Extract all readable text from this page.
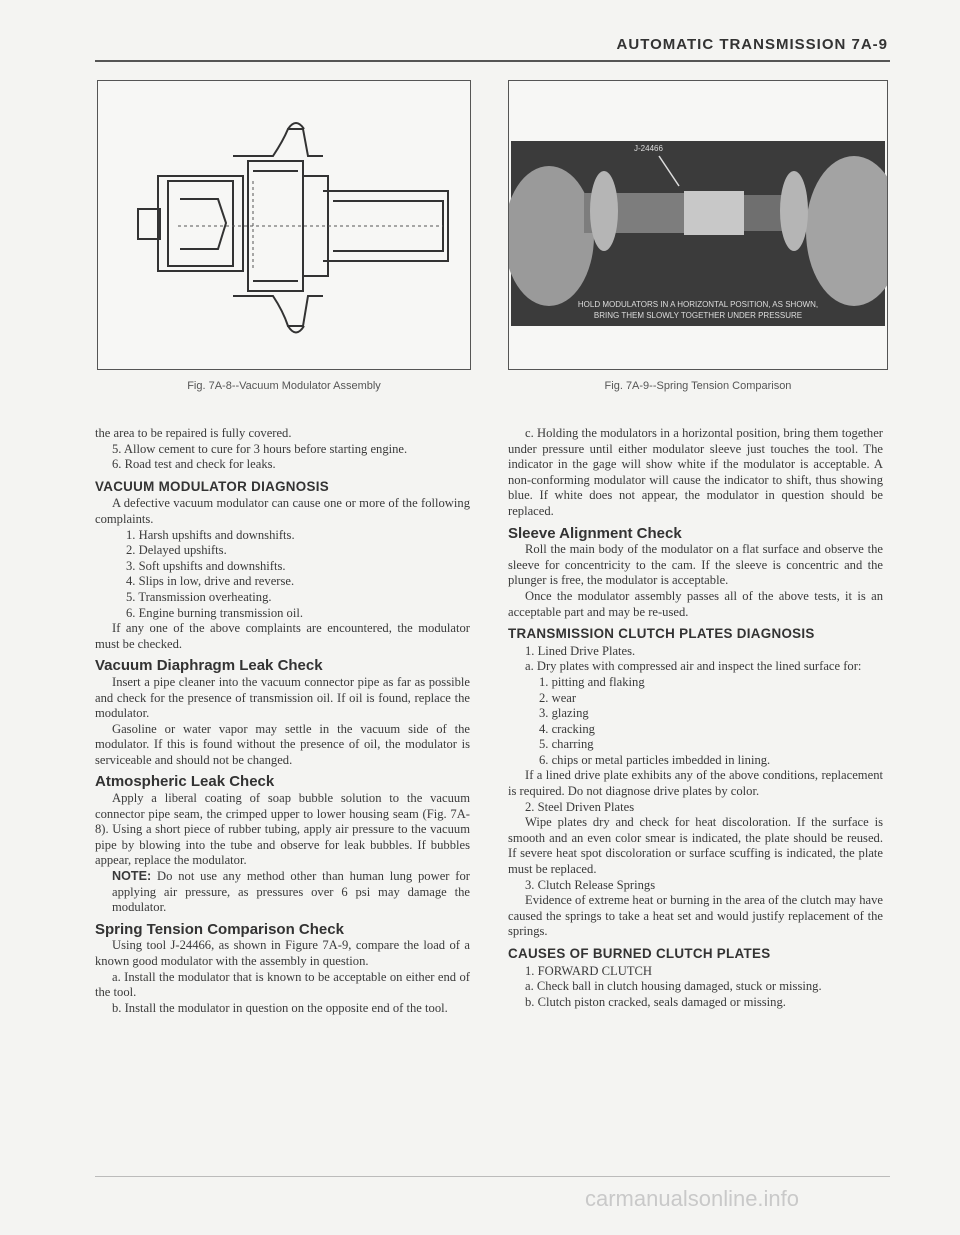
AUTOMATIC TRANSMISSION 7A-9
Fig. 7A-8--Vacuum Modulator Assembly
J-24466
HOLD MODULATORS IN A HORIZONTAL POSITION, AS SHOWN,
BRING THEM SLOWLY TOGETHER UNDER PRESSURE
Fig. 7A-9--Spring Tension Comparison

the area to be repaired is fully covered.

5. Allow cement to cure for 3 hours before starting engine.

6. Road test and check for leaks.

VACUUM MODULATOR DIAGNOSIS

A defective vacuum modulator can cause one or more of the following complaints.

1. Harsh upshifts and downshifts.

2. Delayed upshifts.

3. Soft upshifts and downshifts.

4. Slips in low, drive and reverse.

5. Transmission overheating.

6. Engine burning transmission oil.

If any one of the above complaints are encountered, the modulator must be checked.

Vacuum Diaphragm Leak Check

Insert a pipe cleaner into the vacuum connector pipe as far as possible and check for the presence of transmission oil. If oil is found, replace the modulator.

Gasoline or water vapor may settle in the vacuum side of the modulator. If this is found without the presence of oil, the modulator is serviceable and should not be changed.

Atmospheric Leak Check

Apply a liberal coating of soap bubble solution to the vacuum connector pipe seam, the crimped upper to lower housing seam (Fig. 7A-8). Using a short piece of rubber tubing, apply air pressure to the vacuum pipe by blowing into the tube and observe for leak bubbles. If bubbles appear, replace the modulator.

NOTE: Do not use any method other than human lung power for applying air pressure, as pressures over 6 psi may damage the modulator.

Spring Tension Comparison Check

Using tool J-24466, as shown in Figure 7A-9, compare the load of a known good modulator with the assembly in question.

a. Install the modulator that is known to be acceptable on either end of the tool.

b. Install the modulator in question on the opposite end of the tool.

c. Holding the modulators in a horizontal position, bring them together under pressure until either modulator sleeve just touches the tool. The indicator in the gage will show white if the modulator is acceptable. A non-conforming modulator will cause the indicator to shift, thus showing blue. If white does not appear, the modulator in question should be replaced.

Sleeve Alignment Check

Roll the main body of the modulator on a flat surface and observe the sleeve for concentricity to the cam. If the sleeve is concentric and the plunger is free, the modulator is acceptable.

Once the modulator assembly passes all of the above tests, it is an acceptable part and may be re-used.

TRANSMISSION CLUTCH PLATES DIAGNOSIS

1. Lined Drive Plates.

a. Dry plates with compressed air and inspect the lined surface for:

1. pitting and flaking

2. wear

3. glazing

4. cracking

5. charring

6. chips or metal particles imbedded in lining.

If a lined drive plate exhibits any of the above conditions, replacement is required. Do not diagnose drive plates by color.

2. Steel Driven Plates

Wipe plates dry and check for heat discoloration. If the surface is smooth and an even color smear is indicated, the plate should be reused. If severe heat spot discoloration or surface scuffing is indicated, the plate must be replaced.

3. Clutch Release Springs

Evidence of extreme heat or burning in the area of the clutch may have caused the springs to take a heat set and would justify replacement of the springs.

CAUSES OF BURNED CLUTCH PLATES

1. FORWARD CLUTCH

a. Check ball in clutch housing damaged, stuck or missing.

b. Clutch piston cracked, seals damaged or missing.

carmanualsonline.info
